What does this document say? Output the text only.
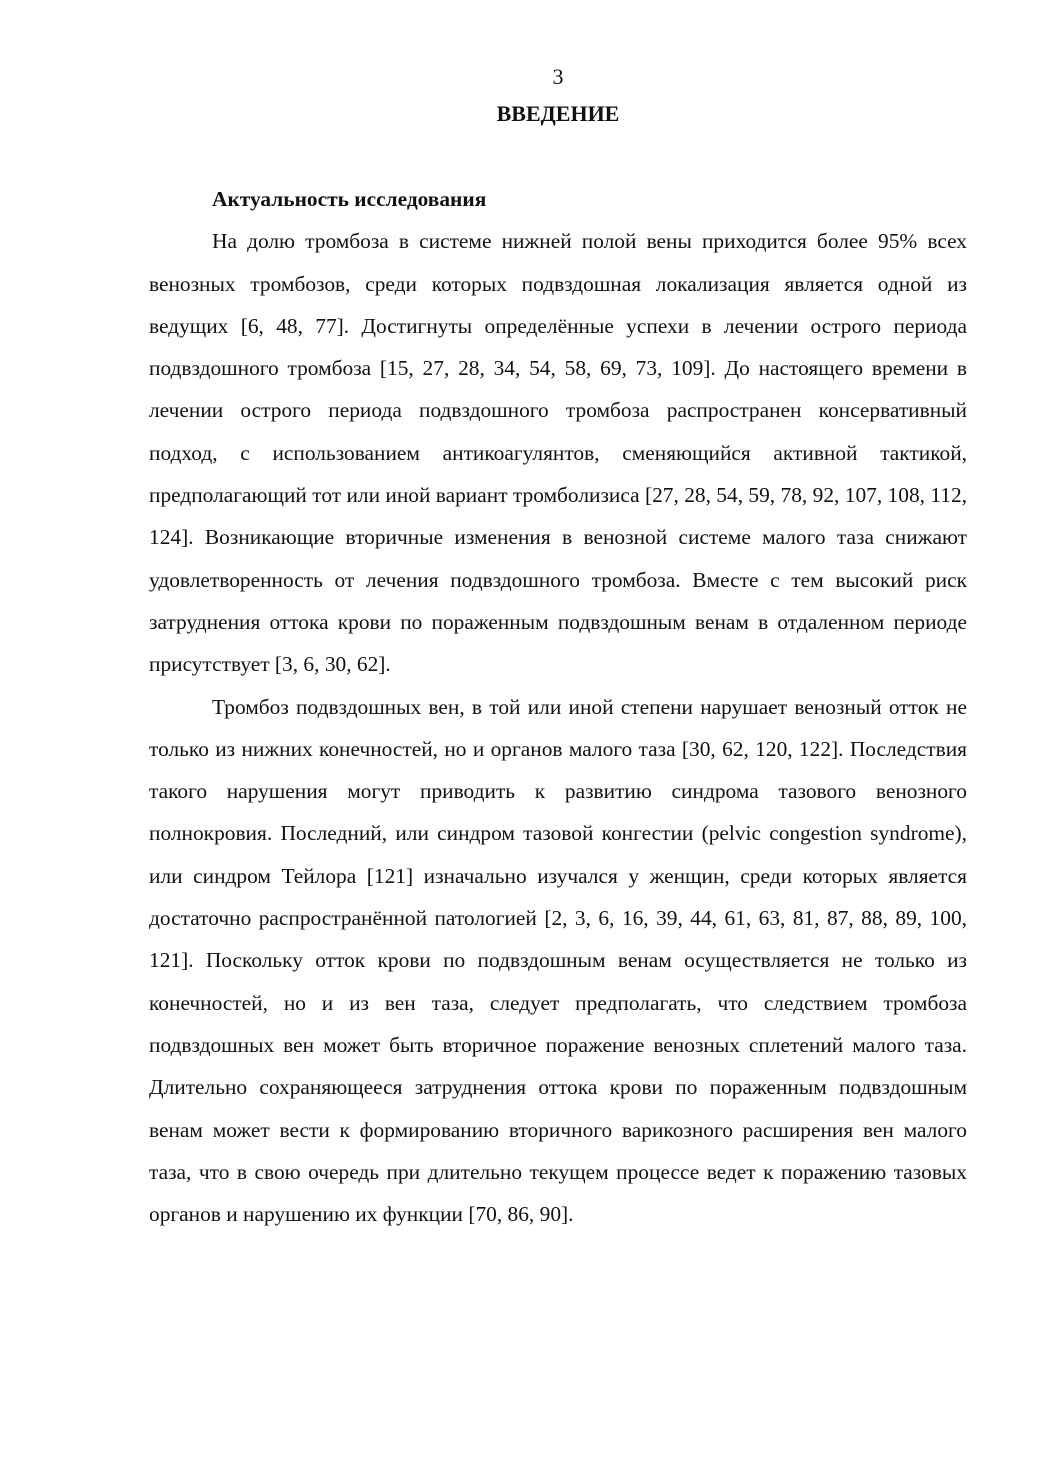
3
ВВЕДЕНИЕ
Актуальность исследования

На долю тромбоза в системе нижней полой вены приходится более 95% всех венозных тромбозов, среди которых подвздошная локализация является одной из ведущих [6, 48, 77]. Достигнуты определённые успехи в лечении острого периода подвздошного тромбоза [15, 27, 28, 34, 54, 58, 69, 73, 109]. До настоящего времени в лечении острого периода подвздошного тромбоза распространен консервативный подход, с использованием антикоагулянтов, сменяющийся активной тактикой, предполагающий тот или иной вариант тромболизиса [27, 28, 54, 59, 78, 92, 107, 108, 112, 124]. Возникающие вторичные изменения в венозной системе малого таза снижают удовлетворенность от лечения подвздошного тромбоза. Вместе с тем высокий риск затруднения оттока крови по пораженным подвздошным венам в отдаленном периоде присутствует [3, 6, 30, 62].

Тромбоз подвздошных вен, в той или иной степени нарушает венозный отток не только из нижних конечностей, но и органов малого таза [30, 62, 120, 122]. Последствия такого нарушения могут приводить к развитию синдрома тазового венозного полнокровия. Последний, или синдром тазовой конгестии (pelvic congestion syndrome), или синдром Тейлора [121] изначально изучался у женщин, среди которых является достаточно распространённой патологией [2, 3, 6, 16, 39, 44, 61, 63, 81, 87, 88, 89, 100, 121]. Поскольку отток крови по подвздошным венам осуществляется не только из конечностей, но и из вен таза, следует предполагать, что следствием тромбоза подвздошных вен может быть вторичное поражение венозных сплетений малого таза. Длительно сохраняющееся затруднения оттока крови по пораженным подвздошным венам может вести к формированию вторичного варикозного расширения вен малого таза, что в свою очередь при длительно текущем процессе ведет к поражению тазовых органов и нарушению их функции [70, 86, 90].
